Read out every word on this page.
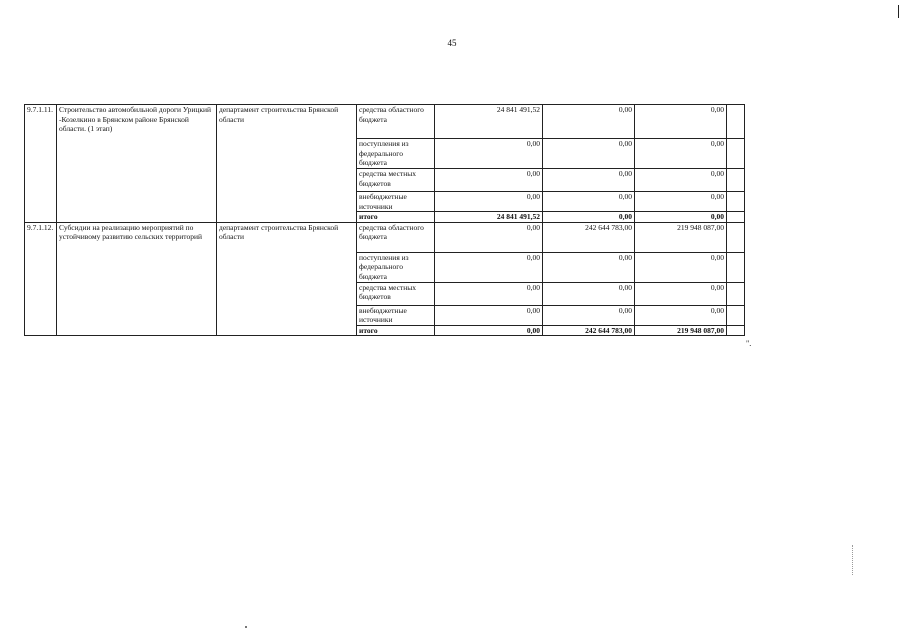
45
9.7.1.11.	Строительство автомобильной дороги Урицкий -Козелкино в Брянском районе Брянской области. (1 этап)	департамент строительства Брянской области	средства областного бюджета	24 841 491,52	0,00	0,00	
			поступления из федерального бюджета	0,00	0,00	0,00	
			средства местных бюджетов	0,00	0,00	0,00	
			внебюджетные источники	0,00	0,00	0,00	
			итого	24 841 491,52	0,00	0,00	
9.7.1.12.	Субсидии на реализацию мероприятий по устойчивому развитию сельских территорий	департамент строительства Брянской области	средства областного бюджета	0,00	242 644 783,00	219 948 087,00	
			поступления из федерального бюджета	0,00	0,00	0,00	
			средства местных бюджетов	0,00	0,00	0,00	
			внебюджетные источники	0,00	0,00	0,00	
			итого	0,00	242 644 783,00	219 948 087,00	
".
